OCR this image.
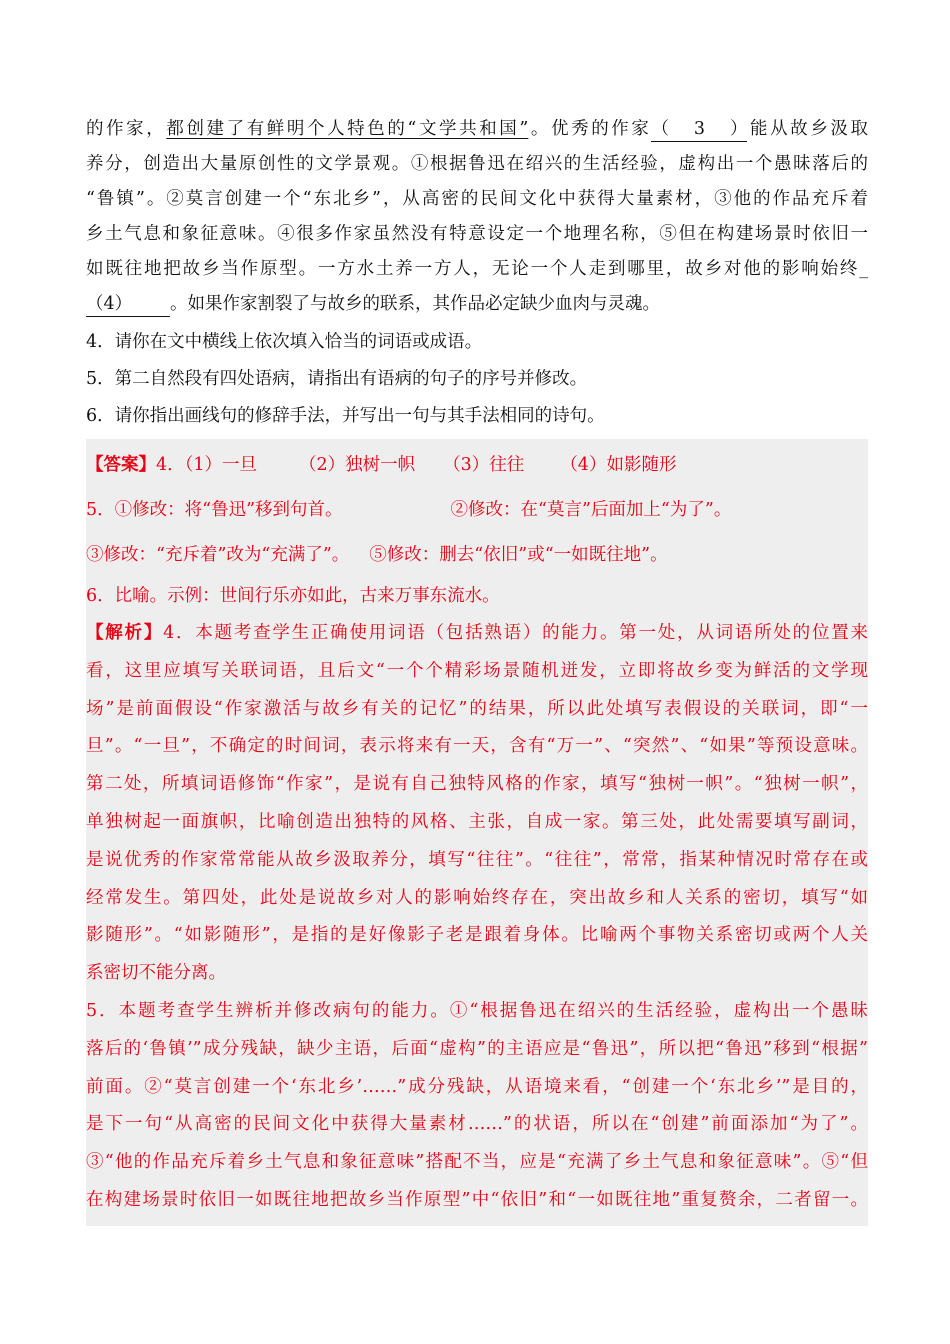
的作家，都创建了有鲜明个人特色的“文学共和国”。优秀的作家（3）能从故乡汲取
养分，创造出大量原创性的文学景观。①根据鲁迅在绍兴的生活经验，虚构出一个愚昧落后的
“鲁镇”。②莫言创建一个“东北乡”，从高密的民间文化中获得大量素材，③他的作品充斥着
乡土气息和象征意味。④很多作家虽然没有特意设定一个地理名称，⑤但在构建场景时依旧一
如既往地把故乡当作原型。一方水土养一方人，无论一个人走到哪里，故乡对他的影响始终_
（4） 。如果作家割裂了与故乡的联系，其作品必定缺少血肉与灵魂。
4．请你在文中横线上依次填入恰当的词语或成语。
5．第二自然段有四处语病，请指出有语病的句子的序号并修改。
6．请你指出画线句的修辞手法，并写出一句与其手法相同的诗句。
【答案】4．（1）一旦 （2）独树一帜 （3）往往 （4）如影随形
5．①修改：将“鲁迅”移到句首。	②修改：在“莫言”后面加上“为了”。
③修改：“充斥着”改为“充满了”。 ⑤修改：删去“依旧”或“一如既往地”。
6．比喻。示例：世间行乐亦如此，古来万事东流水。
【解析】4．本题考查学生正确使用词语（包括熟语）的能力。第一处，从词语所处的位置来
看，这里应填写关联词语，且后文“一个个精彩场景随机迸发，立即将故乡变为鲜活的文学现
场”是前面假设“作家激活与故乡有关的记忆”的结果，所以此处填写表假设的关联词，即“一
旦”。“一旦”，不确定的时间词，表示将来有一天，含有“万一”、“突然”、“如果”等预设意味。
第二处，所填词语修饰“作家”，是说有自己独特风格的作家，填写“独树一帜”。“独树一帜”，
单独树起一面旗帜，比喻创造出独特的风格、主张，自成一家。第三处，此处需要填写副词，
是说优秀的作家常常能从故乡汲取养分，填写“往往”。“往往”，常常，指某种情况时常存在或
经常发生。第四处，此处是说故乡对人的影响始终存在，突出故乡和人关系的密切，填写“如
影随形”。“如影随形”，是指的是好像影子老是跟着身体。比喻两个事物关系密切或两个人关
系密切不能分离。
5．本题考查学生辨析并修改病句的能力。①“根据鲁迅在绍兴的生活经验，虚构出一个愚昧
落后的‘鲁镇’”成分残缺，缺少主语，后面“虚构”的主语应是“鲁迅”，所以把“鲁迅”移到“根据”
前面。②“莫言创建一个‘东北乡’……”成分残缺，从语境来看，“创建一个‘东北乡’”是目的，
是下一句“从高密的民间文化中获得大量素材……”的状语，所以在“创建”前面添加“为了”。
③“他的作品充斥着乡土气息和象征意味”搭配不当，应是“充满了乡土气息和象征意味”。⑤“但
在构建场景时依旧一如既往地把故乡当作原型”中“依旧”和“一如既往地”重复赘余，二者留一。
